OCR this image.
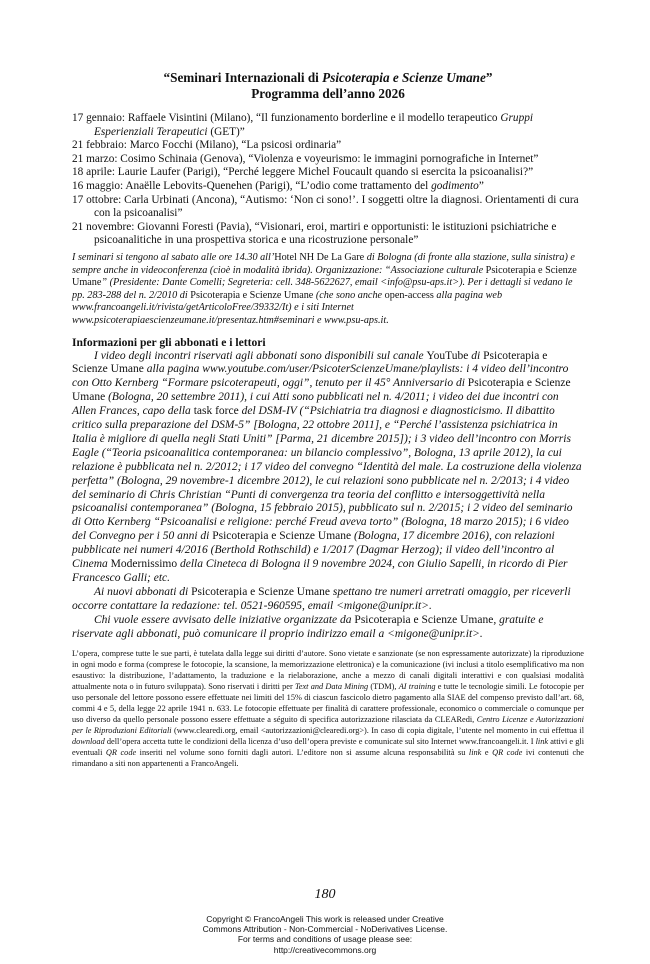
“Seminari Internazionali di Psicoterapia e Scienze Umane”
Programma dell’anno 2026
17 gennaio: Raffaele Visintini (Milano), “Il funzionamento borderline e il modello terapeutico Gruppi Esperienziali Terapeutici (GET)”
21 febbraio: Marco Focchi (Milano), “La psicosi ordinaria”
21 marzo: Cosimo Schinaia (Genova), “Violenza e voyeurismo: le immagini pornografiche in Internet”
18 aprile: Laurie Laufer (Parigi), “Perché leggere Michel Foucault quando si esercita la psicoanalisi?”
16 maggio: Anaëlle Lebovits-Quenehen (Parigi), “L’odio come trattamento del godimento”
17 ottobre: Carla Urbinati (Ancona), “Autismo: ‘Non ci sono!’. I soggetti oltre la diagnosi. Orientamenti di cura con la psicoanalisi”
21 novembre: Giovanni Foresti (Pavia), “Visionari, eroi, martiri e opportunisti: le istituzioni psichiatriche e psicoanalitiche in una prospettiva storica e una ricostruzione personale”
I seminari si tengono al sabato alle ore 14.30 all’Hotel NH De La Gare di Bologna (di fronte alla stazione, sulla sinistra) e sempre anche in videoconferenza (cioè in modalità ibrida). Organizzazione: “Associazione culturale Psicoterapia e Scienze Umane” (Presidente: Dante Comelli; Segreteria: cell. 348-5622627, email <info@psu-aps.it>). Per i dettagli si vedano le pp. 283-288 del n. 2/2010 di Psicoterapia e Scienze Umane (che sono anche open-access alla pagina web www.francoangeli.it/rivista/getArticoloFree/39332/It) e i siti Internet www.psicoterapiaescienzeumane.it/presentaz.htm#seminari e www.psu-aps.it.
Informazioni per gli abbonati e i lettori

I video degli incontri riservati agli abbonati sono disponibili sul canale YouTube di Psicoterapia e Scienze Umane alla pagina www.youtube.com/user/PsicoterScienzeUmane/playlists: i 4 video dell’incontro con Otto Kernberg “Formare psicoterapeuti, oggi”, tenuto per il 45° Anniversario di Psicoterapia e Scienze Umane (Bologna, 20 settembre 2011), i cui Atti sono pubblicati nel n. 4/2011; i video dei due incontri con Allen Frances, capo della task force del DSM-IV (“Psichiatria tra diagnosi e diagnosticismo. Il dibattito critico sulla preparazione del DSM-5” [Bologna, 22 ottobre 2011], e “Perché l’assistenza psichiatrica in Italia è migliore di quella negli Stati Uniti” [Parma, 21 dicembre 2015]); i 3 video dell’incontro con Morris Eagle (“Teoria psicoanalitica contemporanea: un bilancio complessivo”, Bologna, 13 aprile 2012), la cui relazione è pubblicata nel n. 2/2012; i 17 video del convegno “Identità del male. La costruzione della violenza perfetta” (Bologna, 29 novembre-1 dicembre 2012), le cui relazioni sono pubblicate nel n. 2/2013; i 4 video del seminario di Chris Christian “Punti di convergenza tra teoria del conflitto e intersoggettività nella psicoanalisi contemporanea” (Bologna, 15 febbraio 2015), pubblicato sul n. 2/2015; i 2 video del seminario di Otto Kernberg “Psicoanalisi e religione: perché Freud aveva torto” (Bologna, 18 marzo 2015); i 6 video del Convegno per i 50 anni di Psicoterapia e Scienze Umane (Bologna, 17 dicembre 2016), con relazioni pubblicate nei numeri 4/2016 (Berthold Rothschild) e 1/2017 (Dagmar Herzog); il video dell’incontro al Cinema Modernissimo della Cineteca di Bologna il 9 novembre 2024, con Giulio Sapelli, in ricordo di Pier Francesco Galli; etc.

Ai nuovi abbonati di Psicoterapia e Scienze Umane spettano tre numeri arretrati omaggio, per riceverli occorre contattare la redazione: tel. 0521-960595, email <migone@unipr.it>.

Chi vuole essere avvisato delle iniziative organizzate da Psicoterapia e Scienze Umane, gratuite e riservate agli abbonati, può comunicare il proprio indirizzo email a <migone@unipr.it>.

L’opera, comprese tutte le sue parti, è tutelata dalla legge sui diritti d’autore. Sono vietate e sanzionate (se non espressamente autorizzate) la riproduzione in ogni modo e forma (comprese le fotocopie, la scansione, la memorizzazione elettronica) e la comunicazione (ivi inclusi a titolo esemplificativo ma non esaustivo: la distribuzione, l’adattamento, la traduzione e la rielaborazione, anche a mezzo di canali digitali interattivi e con qualsiasi modalità attualmente nota o in futuro sviluppata). Sono riservati i diritti per Text and Data Mining (TDM), AI training e tutte le tecnologie simili. Le fotocopie per uso personale del lettore possono essere effettuate nei limiti del 15% di ciascun fascicolo dietro pagamento alla SIAE del compenso previsto dall’art. 68, commi 4 e 5, della legge 22 aprile 1941 n. 633. Le fotocopie effettuate per finalità di carattere professionale, economico o commerciale o comunque per uso diverso da quello personale possono essere effettuate a séguito di specifica autorizzazione rilasciata da CLEARedi, Centro Licenze e Autorizzazioni per le Riproduzioni Editoriali (www.clearedi.org, email <autorizzazioni@clearedi.org>). In caso di copia digitale, l’utente nel momento in cui effettua il download dell’opera accetta tutte le condizioni della licenza d’uso dell’opera previste e comunicate sul sito Internet www.francoangeli.it. I link attivi e gli eventuali QR code inseriti nel volume sono forniti dagli autori. L’editore non si assume alcuna responsabilità su link e QR code ivi contenuti che rimandano a siti non appartenenti a FrancoAngeli.
180
Copyright © FrancoAngeli This work is released under Creative
Commons Attribution - Non-Commercial - NoDerivatives License.
For terms and conditions of usage please see:
http://creativecommons.org
